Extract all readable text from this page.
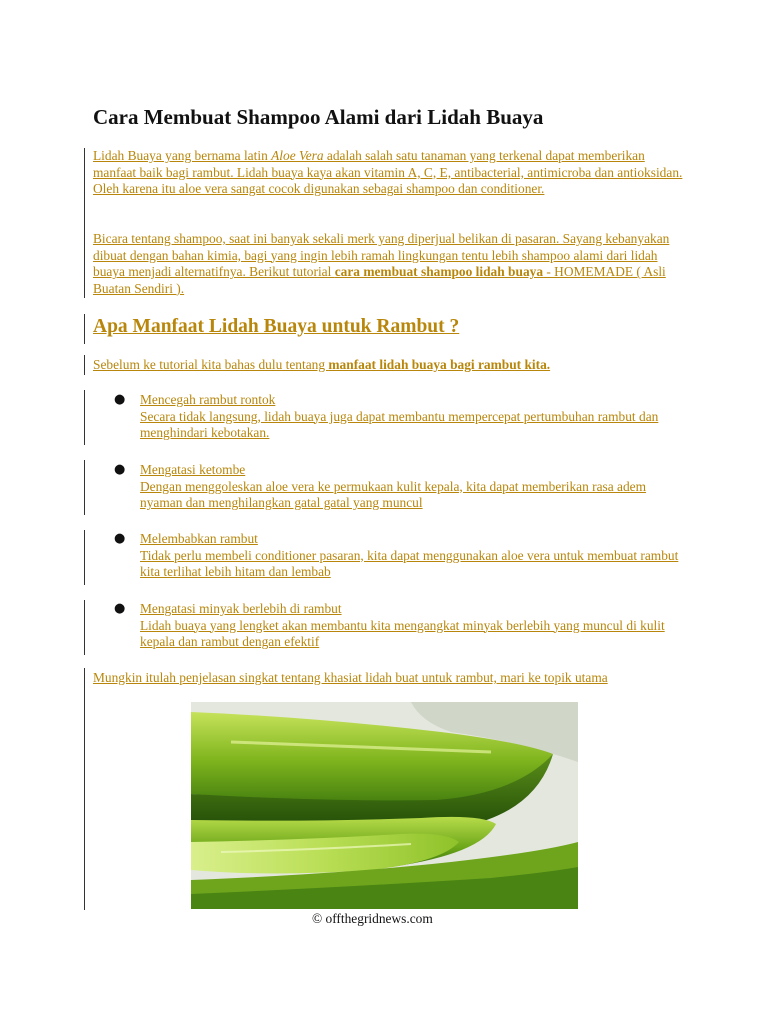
Cara Membuat Shampoo Alami dari Lidah Buaya

Lidah Buaya yang bernama latin Aloe Vera adalah salah satu tanaman yang terkenal dapat memberikan manfaat baik bagi rambut. Lidah buaya kaya akan vitamin A, C, E, antibacterial, antimicroba dan antioksidan. Oleh karena itu aloe vera sangat cocok digunakan sebagai shampoo dan conditioner.

Bicara tentang shampoo, saat ini banyak sekali merk yang diperjual belikan di pasaran. Sayang kebanyakan dibuat dengan bahan kimia, bagi yang ingin lebih ramah lingkungan tentu lebih shampoo alami dari lidah buaya menjadi alternatifnya. Berikut tutorial cara membuat shampoo lidah buaya - HOMEMADE ( Asli Buatan Sendiri ).

Apa Manfaat Lidah Buaya untuk Rambut ?

Sebelum ke tutorial kita bahas dulu tentang manfaat lidah buaya bagi rambut kita.

● Mencegah rambut rontok
Secara tidak langsung, lidah buaya juga dapat membantu mempercepat pertumbuhan rambut dan menghindari kebotakan.

● Mengatasi ketombe
Dengan menggoleskan aloe vera ke permukaan kulit kepala, kita dapat memberikan rasa adem nyaman dan menghilangkan gatal gatal yang muncul

● Melembabkan rambut
Tidak perlu membeli conditioner pasaran, kita dapat menggunakan aloe vera untuk membuat rambut kita terlihat lebih hitam dan lembab

● Mengatasi minyak berlebih di rambut
Lidah buaya yang lengket akan membantu kita mengangkat minyak berlebih yang muncul di kulit kepala dan rambut dengan efektif

Mungkin itulah penjelasan singkat tentang khasiat lidah buat untuk rambut, mari ke topik utama

© offthegridnews.com
